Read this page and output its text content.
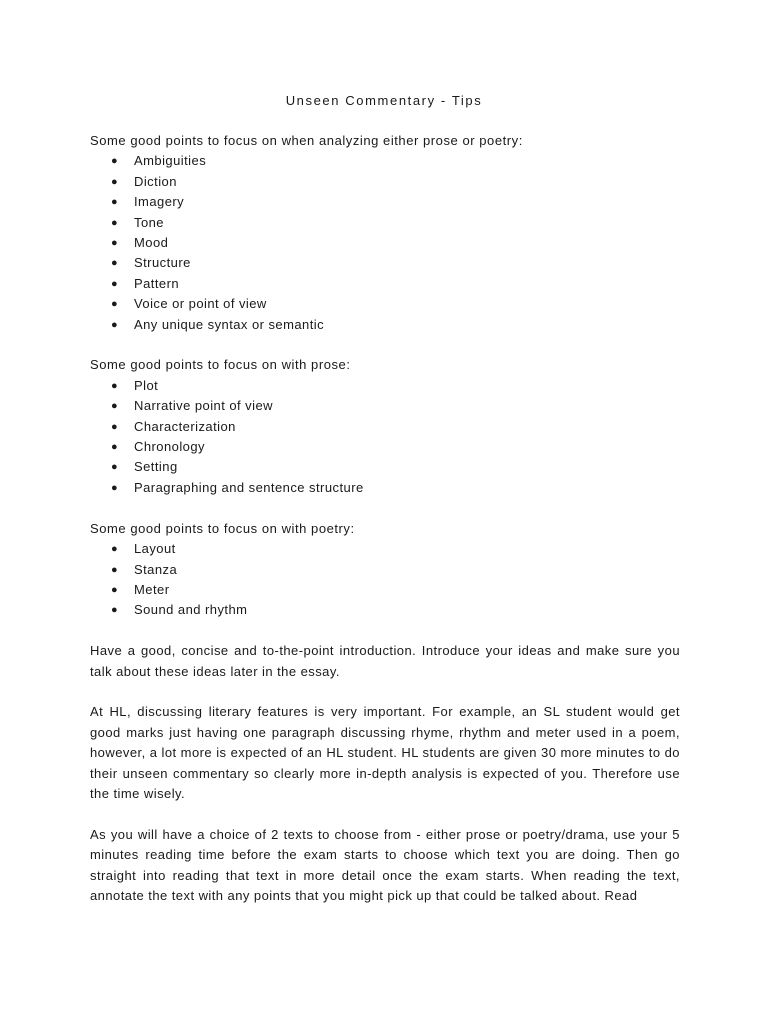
Unseen Commentary - Tips

Some good points to focus on when analyzing either prose or poetry:

● Ambiguities
● Diction
● Imagery
● Tone
● Mood
● Structure
● Pattern
● Voice or point of view
● Any unique syntax or semantic

Some good points to focus on with prose:

● Plot
● Narrative point of view
● Characterization
● Chronology
● Setting
● Paragraphing and sentence structure

Some good points to focus on with poetry:

● Layout
● Stanza
● Meter
● Sound and rhythm

Have a good, concise and to-the-point introduction. Introduce your ideas and make sure you talk about these ideas later in the essay.

At HL, discussing literary features is very important. For example, an SL student would get good marks just having one paragraph discussing rhyme, rhythm and meter used in a poem, however, a lot more is expected of an HL student. HL students are given 30 more minutes to do their unseen commentary so clearly more in-depth analysis is expected of you. Therefore use the time wisely.

As you will have a choice of 2 texts to choose from - either prose or poetry/drama, use your 5 minutes reading time before the exam starts to choose which text you are doing. Then go straight into reading that text in more detail once the exam starts. When reading the text, annotate the text with any points that you might pick up that could be talked about. Read
